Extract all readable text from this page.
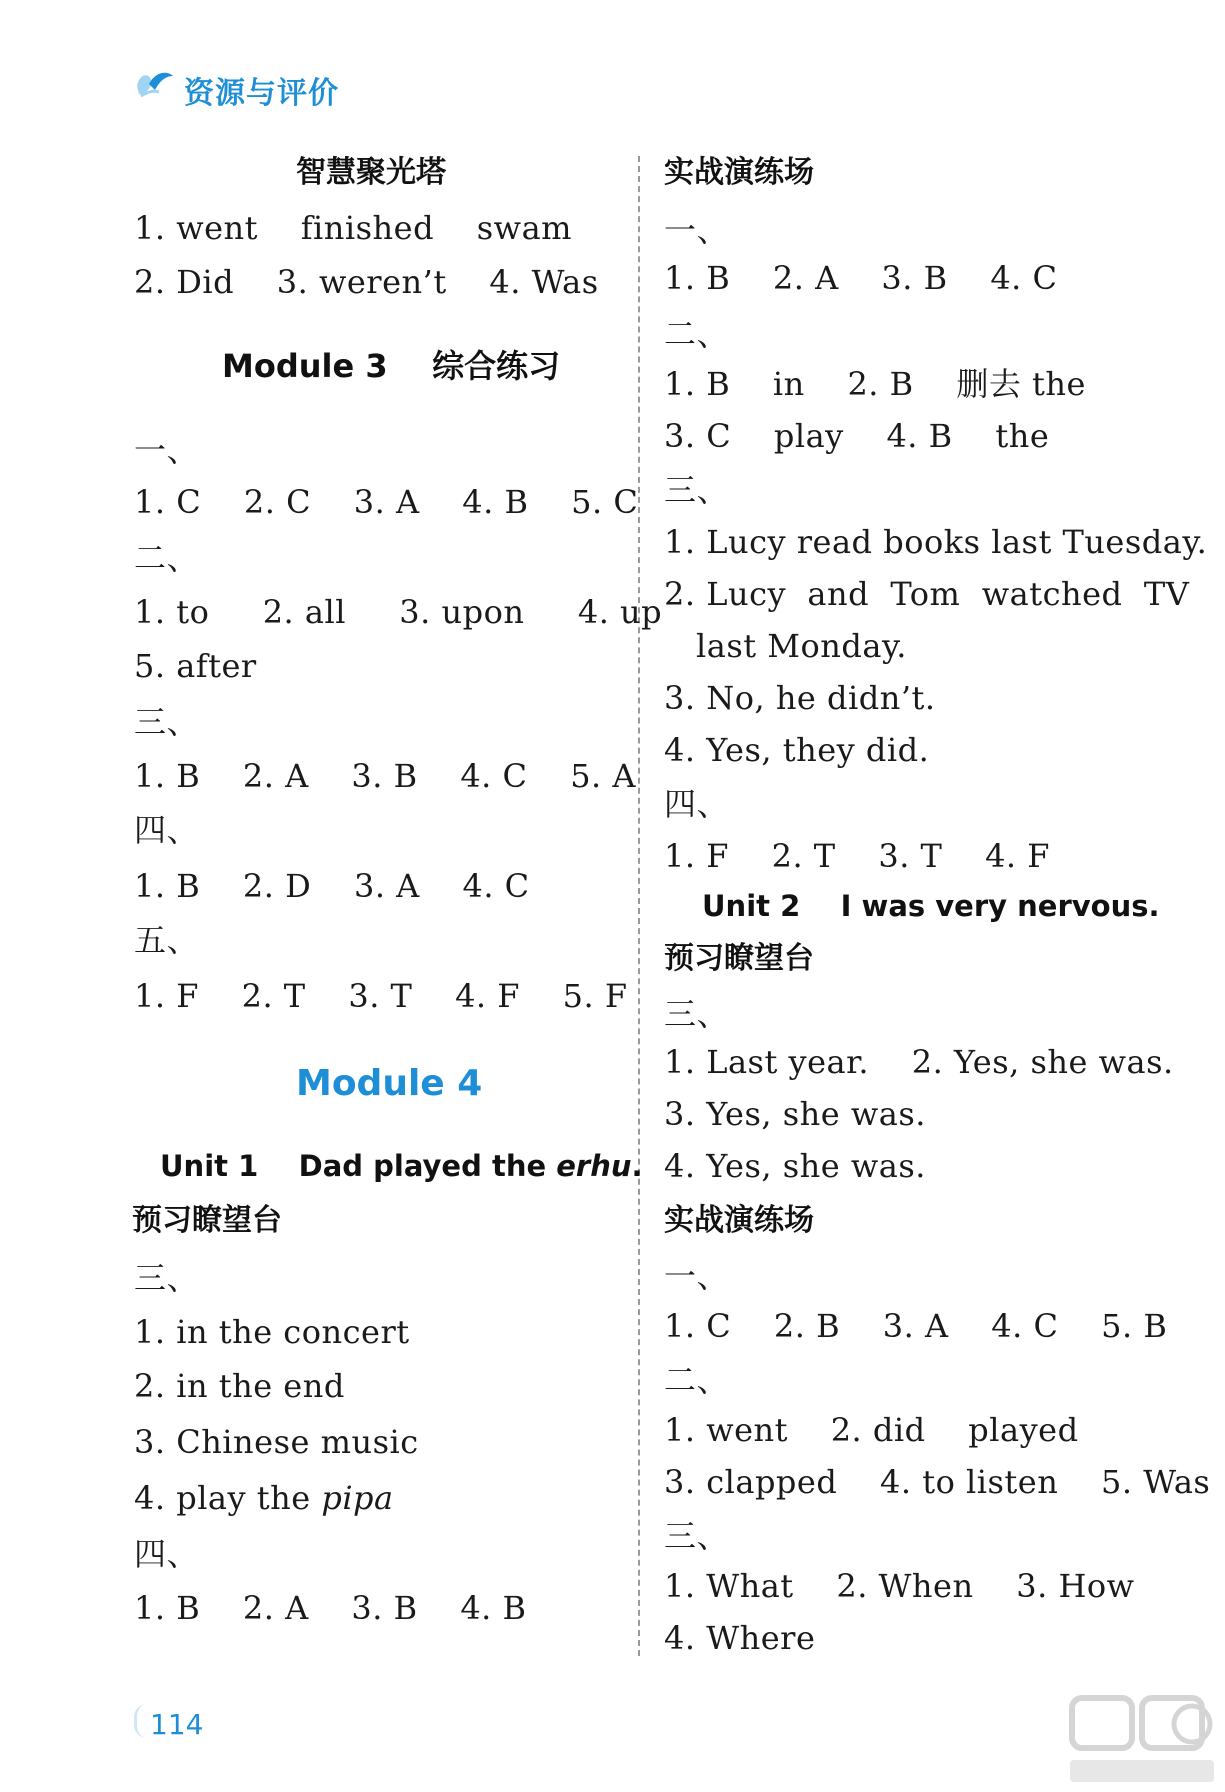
资源与评价
智慧聚光塔
1. went    finished    swam
2. Did    3. weren’t    4. Was
Module 3    综合练习
一、
1. C    2. C    3. A    4. B    5. C
二、
1. to     2. all     3. upon     4. up
5. after
三、
1. B    2. A    3. B    4. C    5. A
四、
1. B    2. D    3. A    4. C
五、
1. F    2. T    3. T    4. F    5. F
Module 4
Unit 1    Dad played the erhu.
预习瞭望台
三、
1. in the concert
2. in the end
3. Chinese music
4. play the pipa
四、
1. B    2. A    3. B    4. B
实战演练场
一、
1. B    2. A    3. B    4. C
二、
1. B    in    2. B    删去 the
3. C    play    4. B    the
三、
1. Lucy read books last Tuesday.
2. Lucy  and  Tom  watched  TV
last Monday.
3. No, he didn’t.
4. Yes, they did.
四、
1. F    2. T    3. T    4. F
Unit 2    I was very nervous.
预习瞭望台
三、
1. Last year.    2. Yes, she was.
3. Yes, she was.
4. Yes, she was.
实战演练场
一、
1. C    2. B    3. A    4. C    5. B
二、
1. went    2. did    played
3. clapped    4. to listen    5. Was
三、
1. What    2. When    3. How
4. Where
114
